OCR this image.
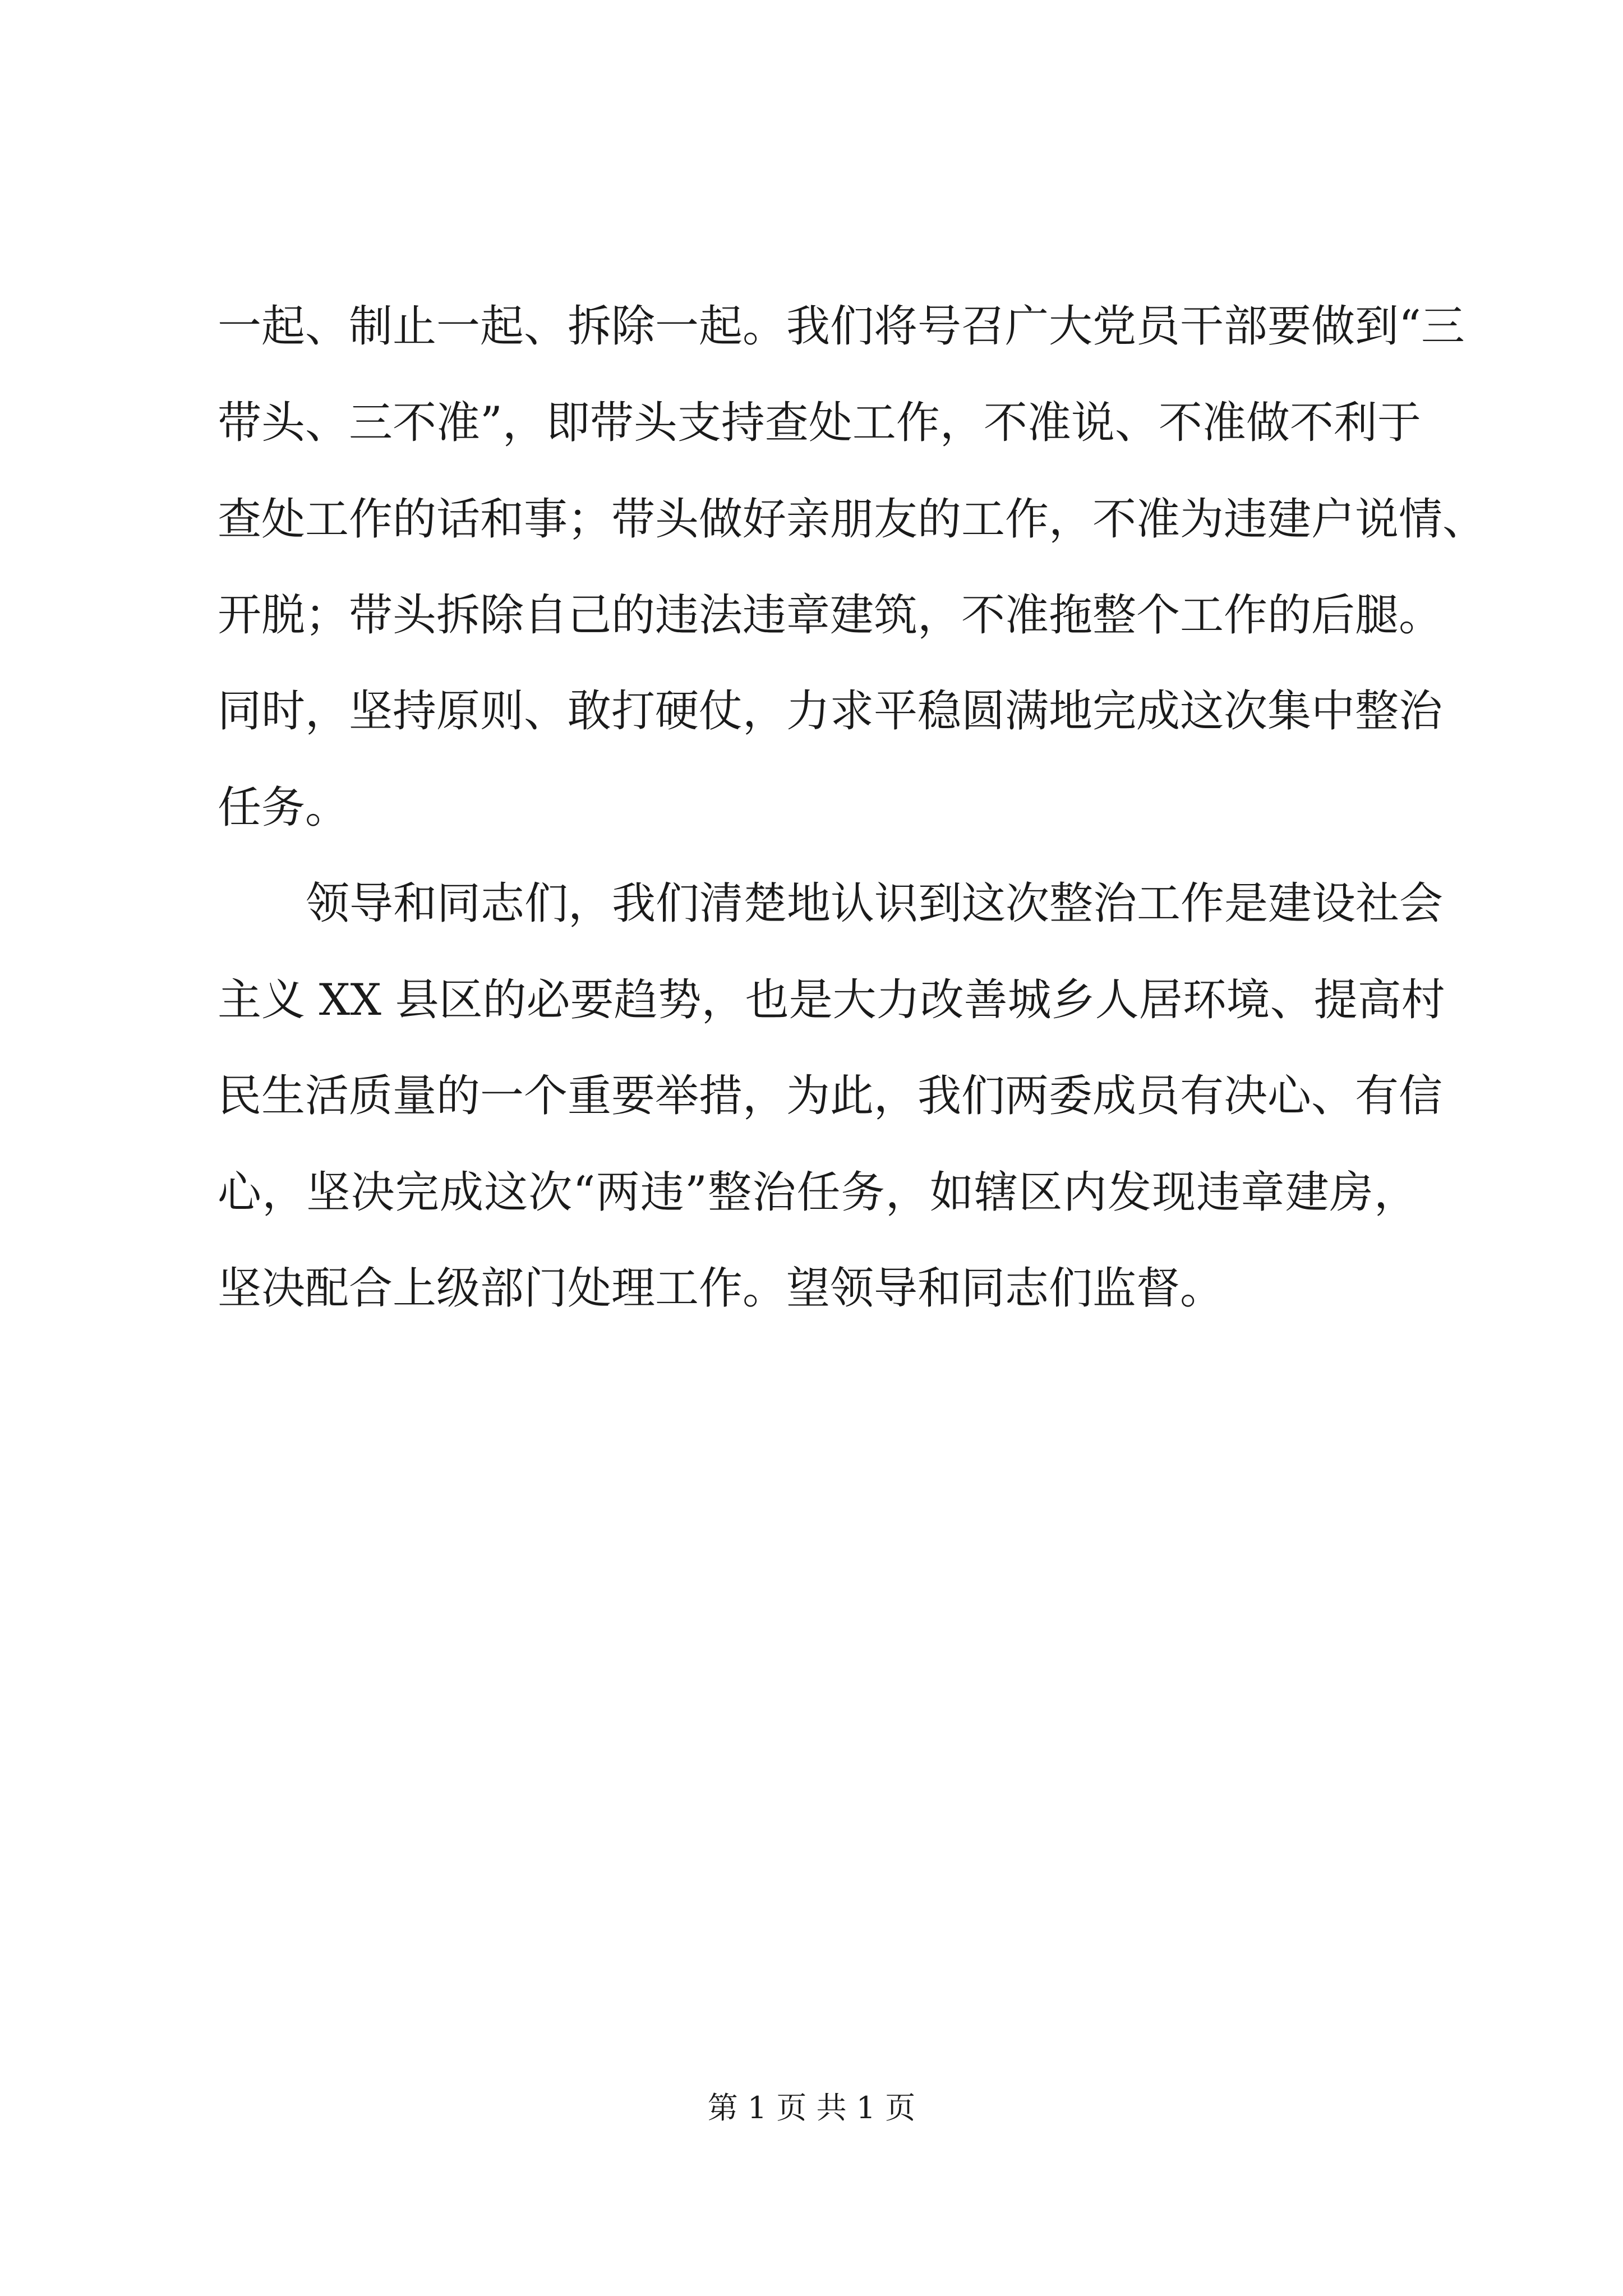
一起、制止一起、拆除一起。我们将号召广大党员干部要做到“三
带头、三不准”，即带头支持查处工作，不准说、不准做不利于
查处工作的话和事；带头做好亲朋友的工作，不准为违建户说情、
开脱；带头拆除自己的违法违章建筑，不准拖整个工作的后腿。
同时，坚持原则、敢打硬仗，力求平稳圆满地完成这次集中整治
任务。
领导和同志们，我们清楚地认识到这次整治工作是建设社会
主义 XX 县区的必要趋势，也是大力改善城乡人居环境、提高村
民生活质量的一个重要举措，为此，我们两委成员有决心、有信
心，坚决完成这次“两违”整治任务，如辖区内发现违章建房，
坚决配合上级部门处理工作。望领导和同志们监督。
第 1 页 共 1 页
